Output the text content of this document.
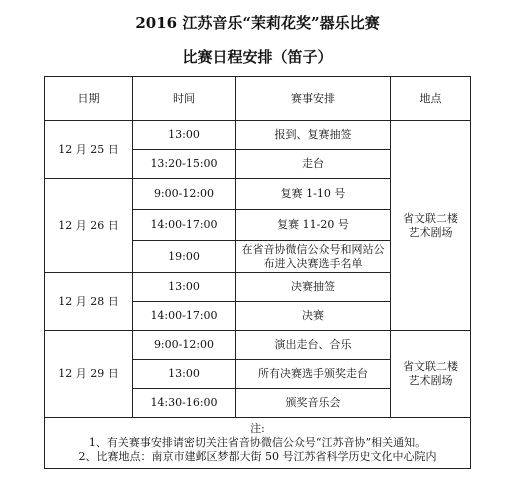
2016 江苏音乐“茉莉花奖”器乐比赛
比赛日程安排（笛子）
日期	时间	赛事安排	地点
12 月 25 日	13:00	报到、复赛抽签	省文联二楼
艺术剧场

	13:20-15:00	走台	
12 月 26 日	9:00-12:00	复赛 1-10 号	
	14:00-17:00	复赛 11-20 号	
	19:00	在省音协微信公众号和网站公布进入决赛选手名单	
12 月 28 日	13:00	决赛抽签	
	14:00-17:00	决赛	
12 月 29 日	9:00-12:00	演出走台、合乐	省文联二楼
艺术剧场

	13:00	所有决赛选手颁奖走台	
	14:30-16:00	颁奖音乐会	

注:
1、有关赛事安排请密切关注省音协微信公众号“江苏音协”相关通知。
2、比赛地点：南京市建邺区梦都大街 50 号江苏省科学历史文化中心院内			
